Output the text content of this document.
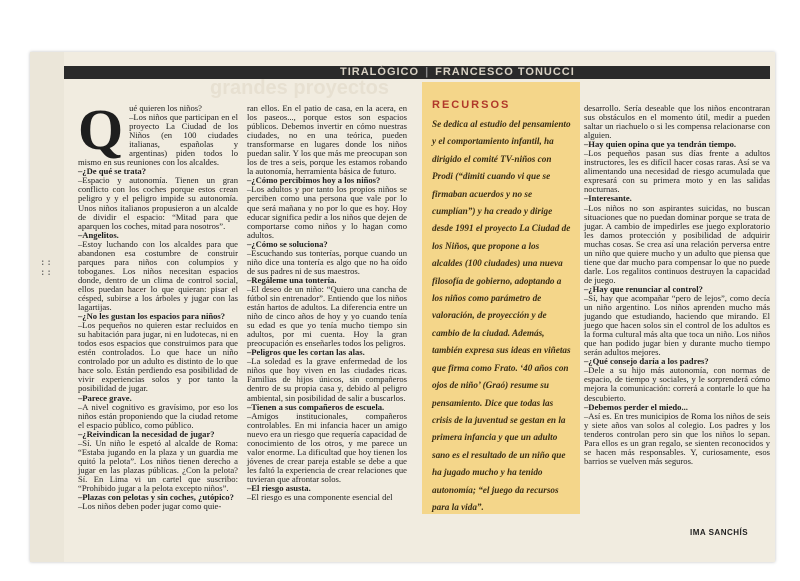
:: ::
TIRALÓGICO | FRANCESCO TONUCCI
grandes proyectos
Q ué quieren los niños?

–Los niños que participan en el proyecto La Ciudad de los Niños (en 100 ciudades italianas, españolas y argentinas) piden todos lo mismo en sus reuniones con los alcaldes.

–¿De qué se trata?

–Espacio y autonomía. Tienen un gran conflicto con los coches porque estos crean peligro y y el peligro impide su autonomía. Unos niños italianos propusieron a un alcalde de dividir el espacio: “Mitad para que aparquen los coches, mitad para nosotros”.

–Angelitos.

–Estoy luchando con los alcaldes para que abandonen esa costumbre de construir parques para niños con columpios y toboganes. Los niños necesitan espacios donde, dentro de un clima de control social, ellos puedan hacer lo que quieran: pisar el césped, subirse a los árboles y jugar con las lagartijas.

–¿No les gustan los espacios para niños?

–Los pequeños no quieren estar recluidos en su habitación para jugar, ni en ludotecas, ni en todos esos espacios que construimos para que estén controlados. Lo que hace un niño controlado por un adulto es distinto de lo que hace solo. Están perdiendo esa posibilidad de vivir experiencias solos y por tanto la posibilidad de jugar.

–Parece grave.

–A nivel cognitivo es gravísimo, por eso los niños están proponiendo que la ciudad retome el espacio público, como público.

–¿Reivindican la necesidad de jugar?

–Sí. Un niño le espetó al alcalde de Roma: “Estaba jugando en la plaza y un guardia me quitó la pelota”. Los niños tienen derecho a jugar en las plazas públicas. ¿Con la pelota? Sí. En Lima vi un cartel que suscribo: “Prohibido jugar a la pelota excepto niños”.

–Plazas con pelotas y sin coches, ¿utópico?

–Los niños deben poder jugar como quie-

ran ellos. En el patio de casa, en la acera, en los paseos..., porque estos son espacios públicos. Debemos invertir en cómo nuestras ciudades, no en una teórica, pueden transformarse en lugares donde los niños puedan salir. Y los que más me preocupan son los de tres a seis, porque les estamos robando la autonomía, herramienta básica de futuro.

–¿Cómo percibimos hoy a los niños?

–Los adultos y por tanto los propios niños se perciben como una persona que vale por lo que será mañana y no por lo que es hoy. Hoy educar significa pedir a los niños que dejen de comportarse como niños y lo hagan como adultos.

–¿Cómo se soluciona?

–Escuchando sus tonterías, porque cuando un niño dice una tontería es algo que no ha oído de sus padres ni de sus maestros.

–Regáleme una tontería.

–El deseo de un niño: “Quiero una cancha de fútbol sin entrenador”. Entiendo que los niños están hartos de adultos. La diferencia entre un niño de cinco años de hoy y yo cuando tenía su edad es que yo tenía mucho tiempo sin adultos, por mi cuenta. Hoy la gran preocupación es enseñarles todos los peligros.

–Peligros que les cortan las alas.

–La soledad es la grave enfermedad de los niños que hoy viven en las ciudades ricas. Familias de hijos únicos, sin compañeros dentro de su propia casa y, debido al peligro ambiental, sin posibilidad de salir a buscarlos.

–Tienen a sus compañeros de escuela.

–Amigos institucionales, compañeros controlables. En mi infancia hacer un amigo nuevo era un riesgo que requería capacidad de conocimiento de los otros, y me parece un valor enorme. La dificultad que hoy tienen los jóvenes de crear pareja estable se debe a que les faltó la experiencia de crear relaciones que tuvieran que afrontar solos.

–El riesgo asusta.

–El riesgo es una componente esencial del

RECURSOS
Se dedica al estudio del pensamiento y el comportamiento infantil, ha dirigido el comité TV-niños con Prodi (“dimiti cuando vi que se firmaban acuerdos y no se cumplían”) y ha creado y dirige desde 1991 el proyecto La Ciudad de los Niños, que propone a los alcaldes (100 ciudades) una nueva filosofía de gobierno, adoptando a los niños como parámetro de valoración, de proyección y de cambio de la ciudad. Además, también expresa sus ideas en viñetas que firma como Frato. ‘40 años con ojos de niño’ (Graó) resume su pensamiento. Dice que todas las crisis de la juventud se gestan en la primera infancia y que un adulto sano es el resultado de un niño que ha jugado mucho y ha tenido autonomía; “el juego da recursos para la vida”.

desarrollo. Sería deseable que los niños encontraran sus obstáculos en el momento útil, medir a pueden saltar un riachuelo o si les compensa relacionarse con alguien.

–Hay quien opina que ya tendrán tiempo.

–Los pequeños pasan sus días frente a adultos instructores, les es difícil hacer cosas raras. Así se va alimentando una necesidad de riesgo acumulada que expresará con su primera moto y en las salidas nocturnas.

–Interesante.

–Los niños no son aspirantes suicidas, no buscan situaciones que no puedan dominar porque se trata de jugar. A cambio de impedirles ese juego exploratorio les damos protección y posibilidad de adquirir muchas cosas. Se crea así una relación perversa entre un niño que quiere mucho y un adulto que piensa que tiene que dar mucho para compensar lo que no puede darle. Los regalitos continuos destruyen la capacidad de juego.

–¿Hay que renunciar al control?

–Sí, hay que acompañar “pero de lejos”, como decía un niño argentino. Los niños aprenden mucho más jugando que estudiando, haciendo que mirando. El juego que hacen solos sin el control de los adultos es la forma cultural más alta que toca un niño. Los niños que han podido jugar bien y durante mucho tiempo serán adultos mejores.

–¿Qué consejo daría a los padres?

–Dele a su hijo más autonomía, con normas de espacio, de tiempo y sociales, y le sorprenderá cómo mejora la comunicación: correrá a contarle lo que ha descubierto.

–Debemos perder el miedo...

–Así es. En tres municipios de Roma los niños de seis y siete años van solos al colegio. Los padres y los tenderos controlan pero sin que los niños lo sepan. Para ellos es un gran regalo, se sienten reconocidos y se hacen más responsables. Y, curiosamente, esos barrios se vuelven más seguros.

IMA SANCHÍS
